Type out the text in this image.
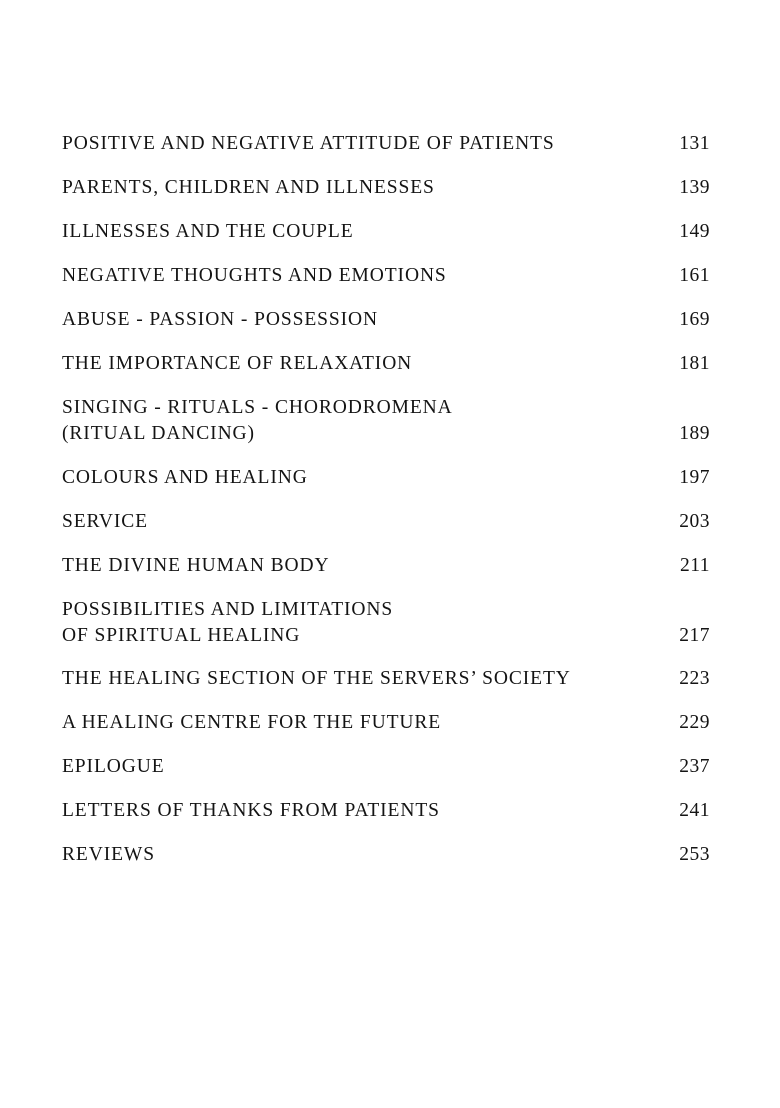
POSITIVE AND NEGATIVE ATTITUDE OF PATIENTS	131
PARENTS, CHILDREN AND ILLNESSES	139
ILLNESSES AND THE COUPLE	149
NEGATIVE THOUGHTS AND EMOTIONS	161
ABUSE - PASSION - POSSESSION	169
THE IMPORTANCE OF RELAXATION	181
SINGING - RITUALS - CHORODROMENA
(RITUAL DANCING)	189
COLOURS AND HEALING	197
SERVICE	203
THE DIVINE HUMAN BODY	211
POSSIBILITIES AND LIMITATIONS
OF SPIRITUAL HEALING	217
THE HEALING SECTION OF THE SERVERS’ SOCIETY	223
A HEALING CENTRE FOR THE FUTURE	229
EPILOGUE	237
LETTERS OF THANKS FROM PATIENTS	241
REVIEWS	253
